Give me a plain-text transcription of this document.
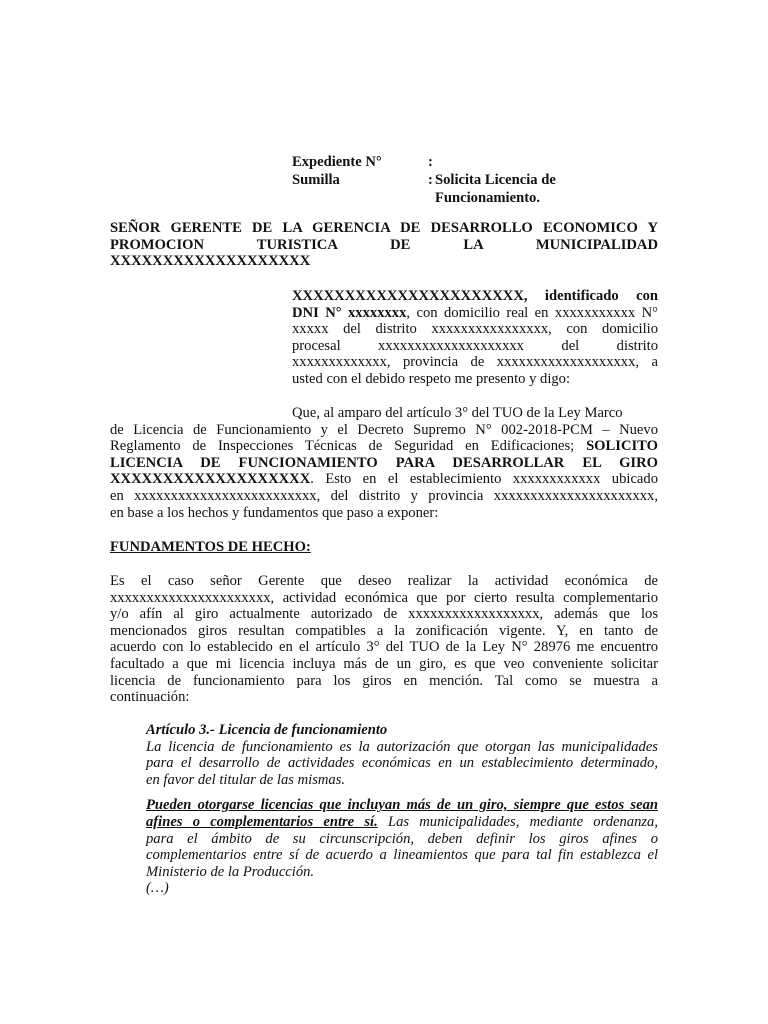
Expediente N°	:
Sumilla	: Solicita Licencia de
Funcionamiento.
SEÑOR GERENTE DE LA GERENCIA DE DESARROLLO ECONOMICO Y
PROMOCION TURISTICA DE LA MUNICIPALIDAD
XXXXXXXXXXXXXXXXXXX
XXXXXXXXXXXXXXXXXXXXXX, identificado con
DNI N° xxxxxxxx, con domicilio real en xxxxxxxxxxx N°
xxxxx del distrito xxxxxxxxxxxxxxxx, con domicilio
procesal xxxxxxxxxxxxxxxxxxxx del distrito
xxxxxxxxxxxxx, provincia de xxxxxxxxxxxxxxxxxxx, a
usted con el debido respeto me presento y digo:
Que, al amparo del artículo 3° del TUO de la Ley Marco
de Licencia de Funcionamiento y el Decreto Supremo N° 002-2018-PCM – Nuevo
Reglamento de Inspecciones Técnicas de Seguridad en Edificaciones; SOLICITO
LICENCIA DE FUNCIONAMIENTO PARA DESARROLLAR EL GIRO
XXXXXXXXXXXXXXXXXXX. Esto en el establecimiento xxxxxxxxxxxx ubicado
en xxxxxxxxxxxxxxxxxxxxxxxxx, del distrito y provincia xxxxxxxxxxxxxxxxxxxxxx,
en base a los hechos y fundamentos que paso a exponer:
FUNDAMENTOS DE HECHO:
Es el caso señor Gerente que deseo realizar la actividad económica de
xxxxxxxxxxxxxxxxxxxxxx, actividad económica que por cierto resulta complementario
y/o afín al giro actualmente autorizado de xxxxxxxxxxxxxxxxxx, además que los
mencionados giros resultan compatibles a la zonificación vigente. Y, en tanto de
acuerdo con lo establecido en el artículo 3° del TUO de la Ley N° 28976 me encuentro
facultado a que mi licencia incluya más de un giro, es que veo conveniente solicitar
licencia de funcionamiento para los giros en mención. Tal como se muestra a
continuación:

Artículo 3.- Licencia de funcionamiento

La licencia de funcionamiento es la autorización que otorgan las municipalidades
para el desarrollo de actividades económicas en un establecimiento determinado,
en favor del titular de las mismas.

Pueden otorgarse licencias que incluyan más de un giro, siempre que estos sean
afines o complementarios entre sí. Las municipalidades, mediante ordenanza,
para el ámbito de su circunscripción, deben definir los giros afines o
complementarios entre sí de acuerdo a lineamientos que para tal fin establezca el
Ministerio de la Producción.
(…)
